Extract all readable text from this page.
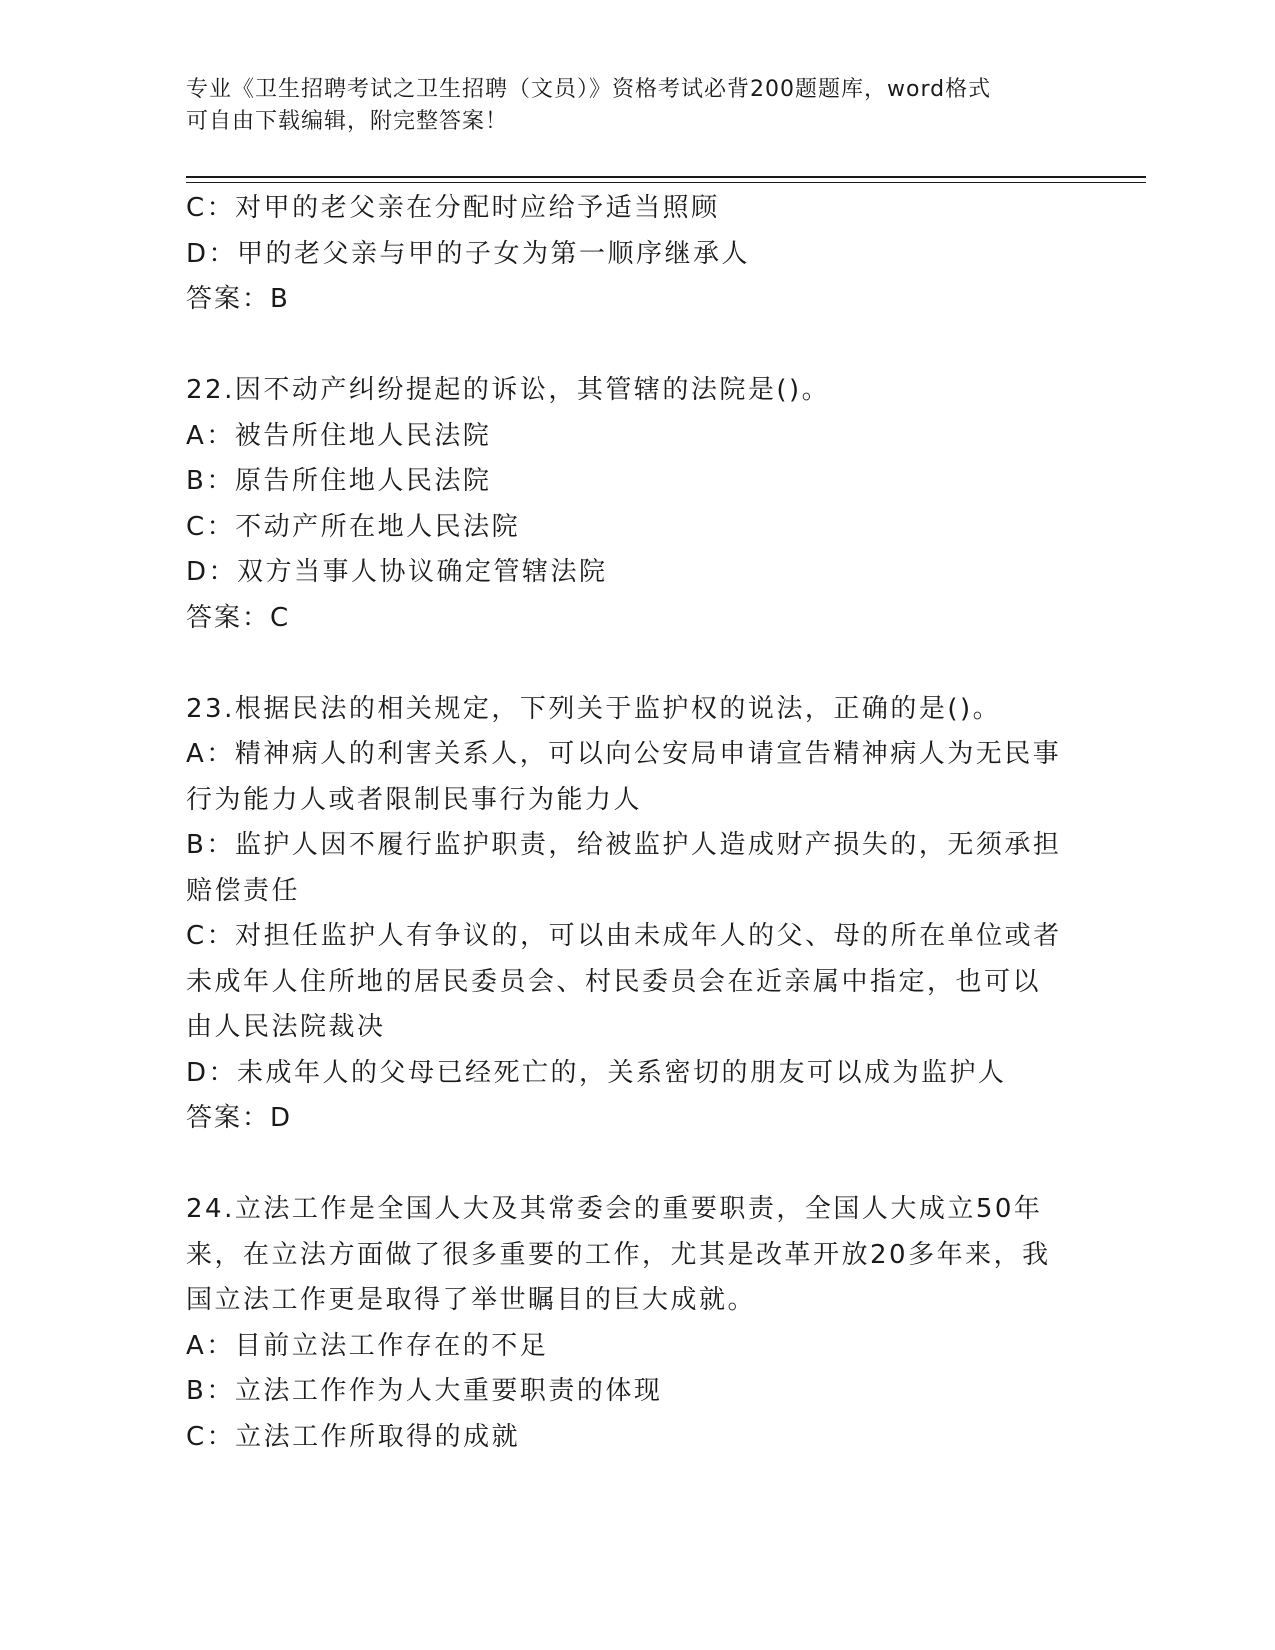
专业《卫生招聘考试之卫生招聘（文员）》资格考试必背200题题库，word格式
可自由下载编辑，附完整答案！
C：对甲的老父亲在分配时应给予适当照顾
D：甲的老父亲与甲的子女为第一顺序继承人
答案：B
22.因不动产纠纷提起的诉讼，其管辖的法院是()。
A：被告所住地人民法院
B：原告所住地人民法院
C：不动产所在地人民法院
D：双方当事人协议确定管辖法院
答案：C
23.根据民法的相关规定，下列关于监护权的说法，正确的是()。
A：精神病人的利害关系人，可以向公安局申请宣告精神病人为无民事
行为能力人或者限制民事行为能力人
B：监护人因不履行监护职责，给被监护人造成财产损失的，无须承担
赔偿责任
C：对担任监护人有争议的，可以由未成年人的父、母的所在单位或者
未成年人住所地的居民委员会、村民委员会在近亲属中指定，也可以
由人民法院裁决
D：未成年人的父母已经死亡的，关系密切的朋友可以成为监护人
答案：D
24.立法工作是全国人大及其常委会的重要职责，全国人大成立50年
来，在立法方面做了很多重要的工作，尤其是改革开放20多年来，我
国立法工作更是取得了举世瞩目的巨大成就。
A：目前立法工作存在的不足
B：立法工作作为人大重要职责的体现
C：立法工作所取得的成就
